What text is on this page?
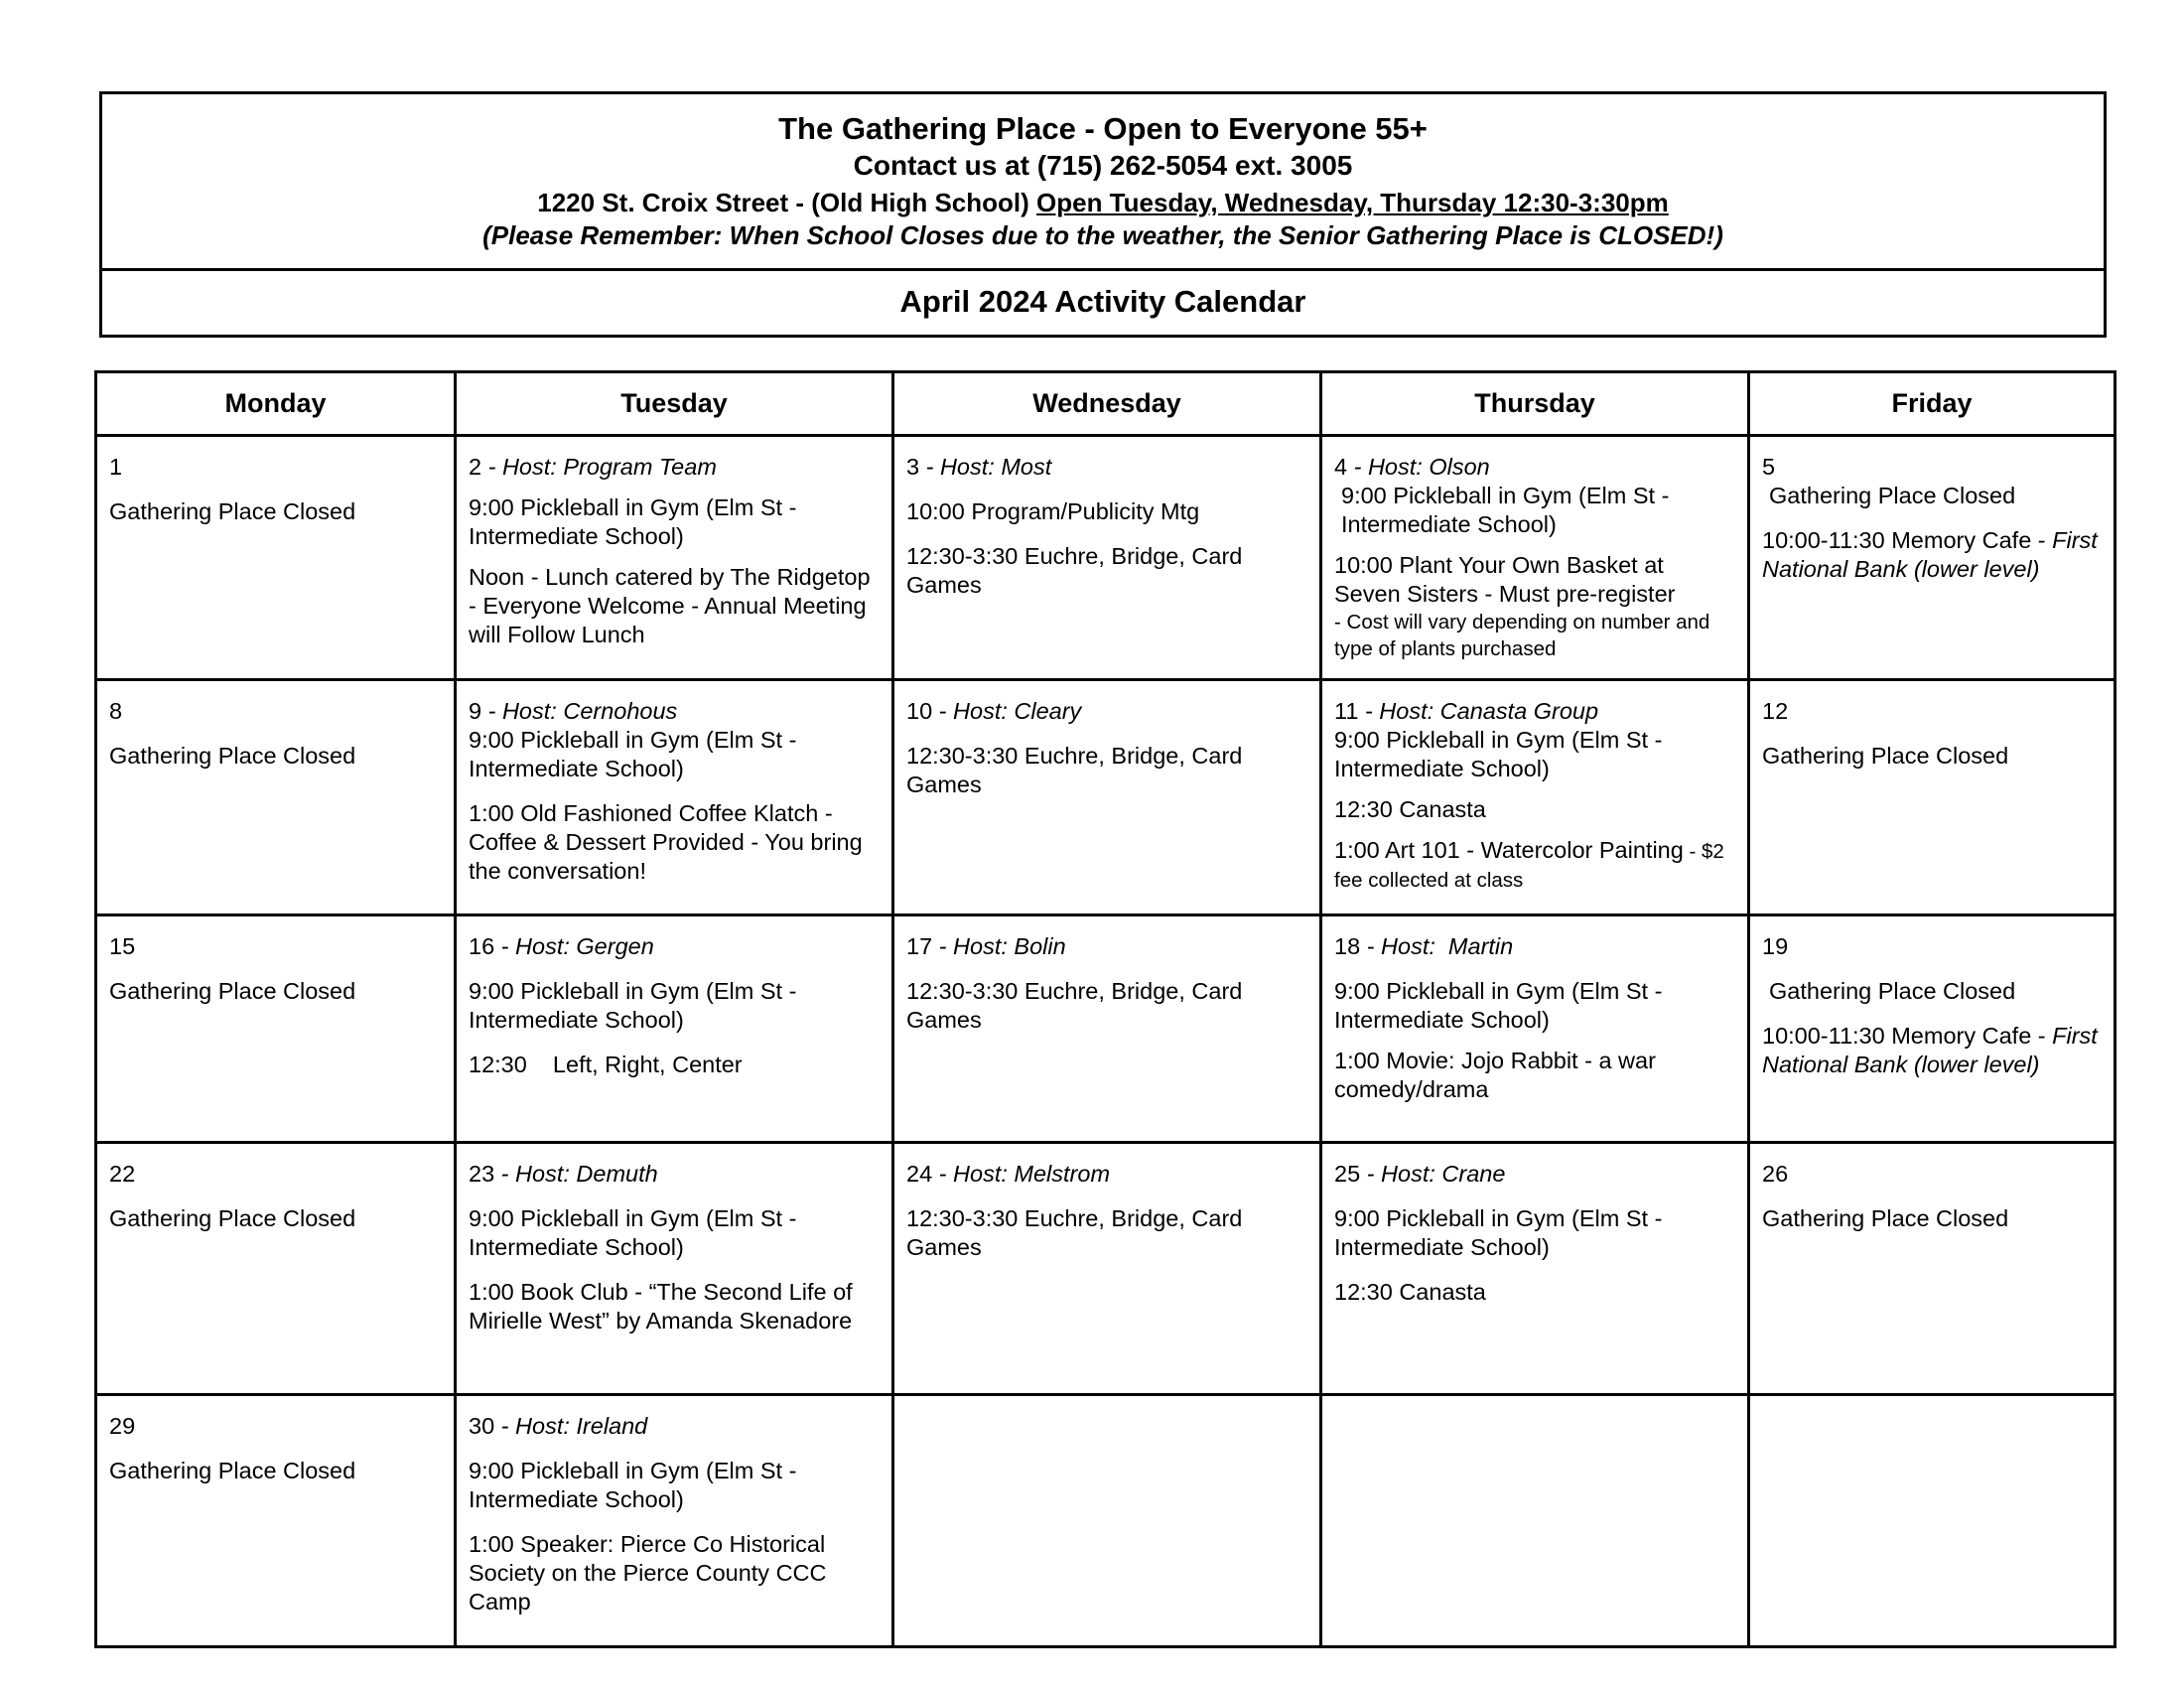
The Gathering Place - Open to Everyone 55+
Contact us at (715) 262-5054 ext. 3005
1220 St. Croix Street - (Old High School) Open Tuesday, Wednesday, Thursday 12:30-3:30pm
(Please Remember: When School Closes due to the weather, the Senior Gathering Place is CLOSED!)
April 2024 Activity Calendar
Monday	Tuesday	Wednesday	Thursday	Friday

1
Gathering Place Closed	2 - Host: Program Team
9:00 Pickleball in Gym (Elm St - Intermediate School)
Noon - Lunch catered by The Ridgetop - Everyone Welcome - Annual Meeting will Follow Lunch	3 - Host: Most
10:00 Program/Publicity Mtg
12:30-3:30 Euchre, Bridge, Card Games	4 - Host: Olson
9:00 Pickleball in Gym (Elm St - Intermediate School)
10:00 Plant Your Own Basket at Seven Sisters - Must pre-register
- Cost will vary depending on number and type of plants purchased	5
Gathering Place Closed
10:00-11:30 Memory Cafe - First National Bank (lower level)

8
Gathering Place Closed	9 - Host: Cernohous
9:00 Pickleball in Gym (Elm St - Intermediate School)
1:00 Old Fashioned Coffee Klatch - Coffee & Dessert Provided - You bring the conversation!	10 - Host: Cleary
12:30-3:30 Euchre, Bridge, Card Games	11 - Host: Canasta Group
9:00 Pickleball in Gym (Elm St - Intermediate School)
12:30 Canasta
1:00 Art 101 - Watercolor Painting - $2 fee collected at class	12
Gathering Place Closed

15
Gathering Place Closed	16 - Host: Gergen
9:00 Pickleball in Gym (Elm St - Intermediate School)
12:30    Left, Right, Center	17 - Host: Bolin
12:30-3:30 Euchre, Bridge, Card Games	18 - Host:  Martin
9:00 Pickleball in Gym (Elm St - Intermediate School)
1:00 Movie: Jojo Rabbit - a war comedy/drama	19
Gathering Place Closed
10:00-11:30 Memory Cafe - First National Bank (lower level)

22
Gathering Place Closed	23 - Host: Demuth
9:00 Pickleball in Gym (Elm St - Intermediate School)
1:00 Book Club - “The Second Life of Mirielle West” by Amanda Skenadore	24 - Host: Melstrom
12:30-3:30 Euchre, Bridge, Card Games	25 - Host: Crane
9:00 Pickleball in Gym (Elm St - Intermediate School)
12:30 Canasta	26
Gathering Place Closed

29
Gathering Place Closed	30 - Host: Ireland
9:00 Pickleball in Gym (Elm St - Intermediate School)
1:00 Speaker: Pierce Co Historical Society on the Pierce County CCC Camp			
